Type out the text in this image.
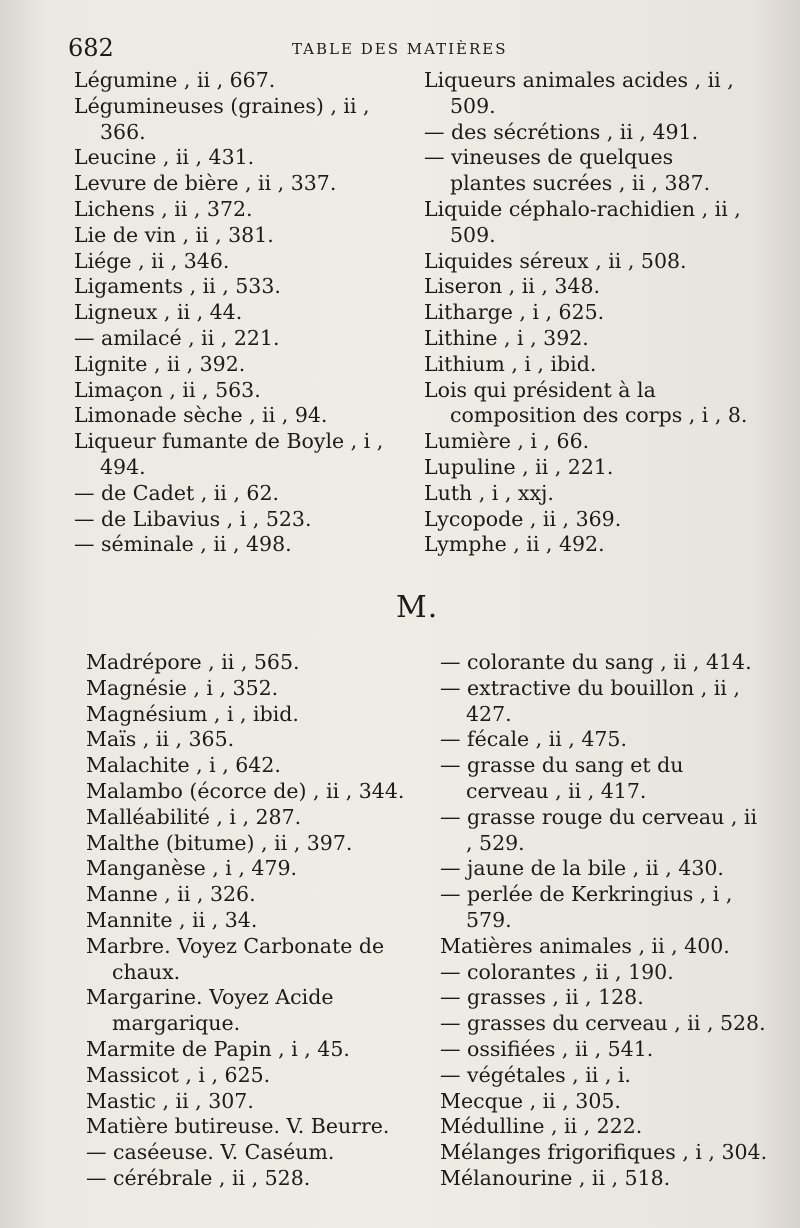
682	TABLE DES MATIÈRES
Légumine , ii , 667.
Légumineuses (graines) , ii , 366.
Leucine , ii , 431.
Levure de bière , ii , 337.
Lichens , ii , 372.
Lie de vin , ii , 381.
Liége , ii , 346.
Ligaments , ii , 533.
Ligneux , ii , 44.
— amilacé , ii , 221.
Lignite , ii , 392.
Limaçon , ii , 563.
Limonade sèche , ii , 94.
Liqueur fumante de Boyle , i , 494.
— de Cadet , ii , 62.
— de Libavius , i , 523.
— séminale , ii , 498.
Liqueurs animales acides , ii , 509.
— des sécrétions , ii , 491.
— vineuses de quelques plantes sucrées , ii , 387.
Liquide céphalo-rachidien , ii , 509.
Liquides séreux , ii , 508.
Liseron , ii , 348.
Litharge , i , 625.
Lithine , i , 392.
Lithium , i , ibid.
Lois qui président à la composition des corps , i , 8.
Lumière , i , 66.
Lupuline , ii , 221.
Luth , i , xxj.
Lycopode , ii , 369.
Lymphe , ii , 492.
M.
Madrépore , ii , 565.
Magnésie , i , 352.
Magnésium , i , ibid.
Maïs , ii , 365.
Malachite , i , 642.
Malambo (écorce de) , ii , 344.
Malléabilité , i , 287.
Malthe (bitume) , ii , 397.
Manganèse , i , 479.
Manne , ii , 326.
Mannite , ii , 34.
Marbre. Voyez Carbonate de chaux.
Margarine. Voyez Acide margarique.
Marmite de Papin , i , 45.
Massicot , i , 625.
Mastic , ii , 307.
Matière butireuse. V. Beurre.
— caséeuse. V. Caséum.
— cérébrale , ii , 528.
— colorante du sang , ii , 414.
— extractive du bouillon , ii , 427.
— fécale , ii , 475.
— grasse du sang et du cerveau , ii , 417.
— grasse rouge du cerveau , ii , 529.
— jaune de la bile , ii , 430.
— perlée de Kerkringius , i , 579.
Matières animales , ii , 400.
— colorantes , ii , 190.
— grasses , ii , 128.
— grasses du cerveau , ii , 528.
— ossifiées , ii , 541.
— végétales , ii , i.
Mecque , ii , 305.
Médulline , ii , 222.
Mélanges frigorifiques , i , 304.
Mélanourine , ii , 518.
